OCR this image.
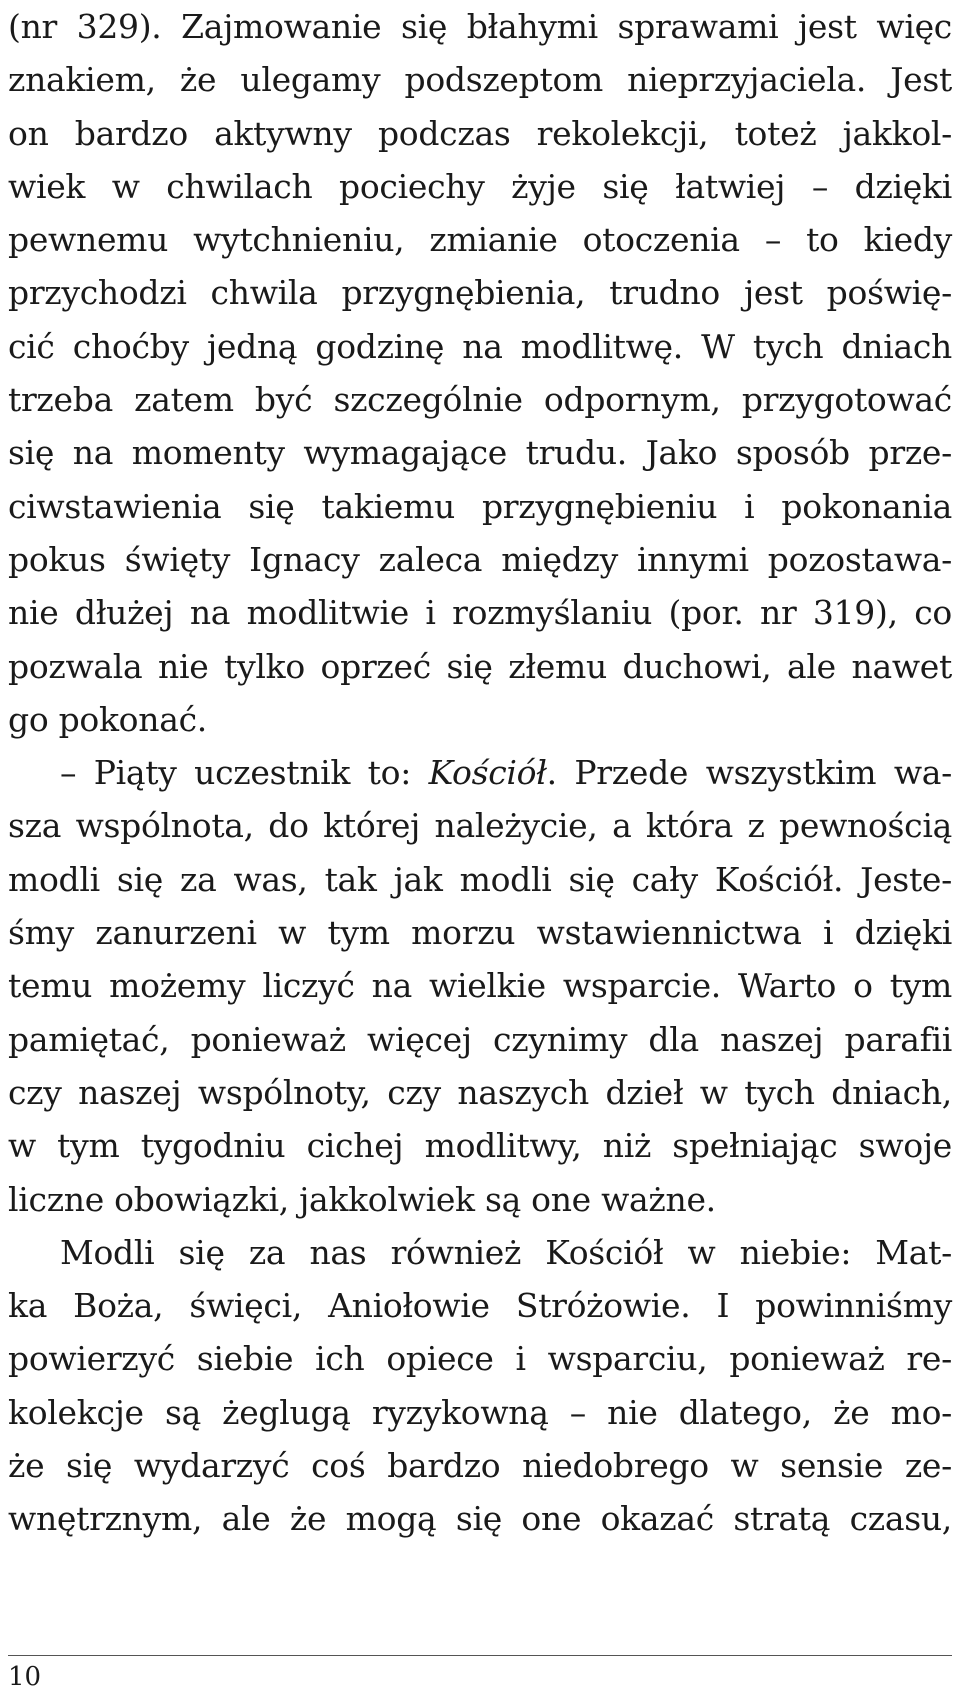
(nr 329). Zajmowanie się błahymi sprawami jest więc
znakiem, że ulegamy podszeptom nieprzyjaciela. Jest
on bardzo aktywny podczas rekolekcji, toteż jakkol-
wiek w chwilach pociechy żyje się łatwiej – dzięki
pewnemu wytchnieniu, zmianie otoczenia – to kiedy
przychodzi chwila przygnębienia, trudno jest poświę-
cić choćby jedną godzinę na modlitwę. W tych dniach
trzeba zatem być szczególnie odpornym, przygotować
się na momenty wymagające trudu. Jako sposób prze-
ciwstawienia się takiemu przygnębieniu i pokonania
pokus święty Ignacy zaleca między innymi pozostawa-
nie dłużej na modlitwie i rozmyślaniu (por. nr 319), co
pozwala nie tylko oprzeć się złemu duchowi, ale nawet
go pokonać.
– Piąty uczestnik to: Kościół. Przede wszystkim wa-
sza wspólnota, do której należycie, a która z pewnością
modli się za was, tak jak modli się cały Kościół. Jeste-
śmy zanurzeni w tym morzu wstawiennictwa i dzięki
temu możemy liczyć na wielkie wsparcie. Warto o tym
pamiętać, ponieważ więcej czynimy dla naszej parafii
czy naszej wspólnoty, czy naszych dzieł w tych dniach,
w tym tygodniu cichej modlitwy, niż spełniając swoje
liczne obowiązki, jakkolwiek są one ważne.
Modli się za nas również Kościół w niebie: Mat-
ka Boża, święci, Aniołowie Stróżowie. I powinniśmy
powierzyć siebie ich opiece i wsparciu, ponieważ re-
kolekcje są żeglugą ryzykowną – nie dlatego, że mo-
że się wydarzyć coś bardzo niedobrego w sensie ze-
wnętrznym, ale że mogą się one okazać stratą czasu,
10
